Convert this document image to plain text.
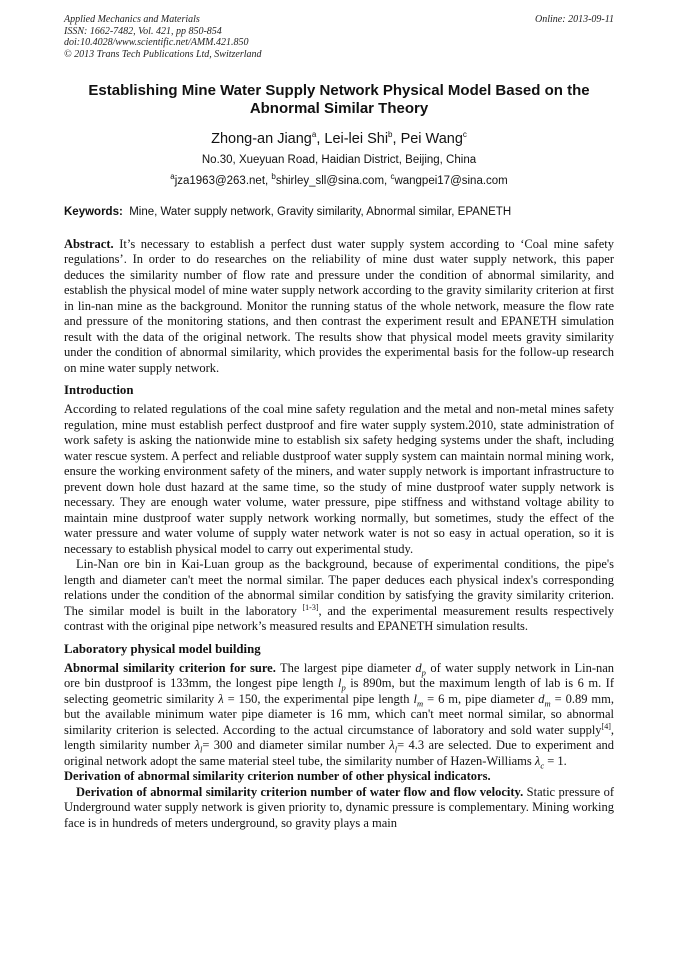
Applied Mechanics and Materials
ISSN: 1662-7482, Vol. 421, pp 850-854
doi:10.4028/www.scientific.net/AMM.421.850
© 2013 Trans Tech Publications Ltd, Switzerland
Online: 2013-09-11
Establishing Mine Water Supply Network Physical Model Based on the Abnormal Similar Theory
Zhong-an Jiang$^a$, Lei-lei Shi$^b$, Pei Wang$^c$
No.30, Xueyuan Road, Haidian District, Beijing, China
$^a$jza1963@263.net, $^b$shirley_sll@sina.com, $^c$wangpei17@sina.com
Keywords: Mine, Water supply network, Gravity similarity, Abnormal similar, EPANETH

Abstract. It’s necessary to establish a perfect dust water supply system according to ‘Coal mine safety regulations’. In order to do researches on the reliability of mine dust water supply network, this paper deduces the similarity number of flow rate and pressure under the condition of abnormal similarity, and establish the physical model of mine water supply network according to the gravity similarity criterion at first in lin-nan mine as the background. Monitor the running status of the whole network, measure the flow rate and pressure of the monitoring stations, and then contrast the experiment result and EPANETH simulation result with the data of the original network. The results show that physical model meets gravity similarity under the condition of abnormal similarity, which provides the experimental basis for the follow-up research on mine water supply network.

Introduction

According to related regulations of the coal mine safety regulation and the metal and non-metal mines safety regulation, mine must establish perfect dustproof and fire water supply system.2010, state administration of work safety is asking the nationwide mine to establish six safety hedging systems under the shaft, including water rescue system. A perfect and reliable dustproof water supply system can maintain normal mining work, ensure the working environment safety of the miners, and water supply network is important infrastructure to prevent down hole dust hazard at the same time, so the study of mine dustproof water supply network is necessary. They are enough water volume, water pressure, pipe stiffness and withstand voltage ability to maintain mine dustproof water supply network working normally, but sometimes, study the effect of the water pressure and water volume of supply water network water is not so easy in actual operation, so it is necessary to establish physical model to carry out experimental study.

Lin-Nan ore bin in Kai-Luan group as the background, because of experimental conditions, the pipe's length and diameter can't meet the normal similar. The paper deduces each physical index's corresponding relations under the condition of the abnormal similar condition by satisfying the gravity similarity criterion. The similar model is built in the laboratory [1-3], and the experimental measurement results respectively contrast with the original pipe network’s measured results and EPANETH simulation results.

Laboratory physical model building

Abnormal similarity criterion for sure. The largest pipe diameter $d_p$ of water supply network in Lin-nan ore bin dustproof is 133mm, the longest pipe length $l_p$ is 890m, but the maximum length of lab is 6 m. If selecting geometric similarity λ = 150, the experimental pipe length $l_m = 6$ m, pipe diameter $d_m = 0.89$ mm, but the available minimum water pipe diameter is 16 mm, which can't meet normal similar, so abnormal similarity criterion is selected. According to the actual circumstance of laboratory and sold water supply[4], length similarity number $\lambda_l= 300$ and diameter similar number $\lambda_l= 4.3$ are selected. Due to experiment and original network adopt the same material steel tube, the similarity number of Hazen-Williams $\lambda_c = 1$.

Derivation of abnormal similarity criterion number of other physical indicators.

Derivation of abnormal similarity criterion number of water flow and flow velocity. Static pressure of Underground water supply network is given priority to, dynamic pressure is complementary. Mining working face is in hundreds of meters underground, so gravity plays a main
